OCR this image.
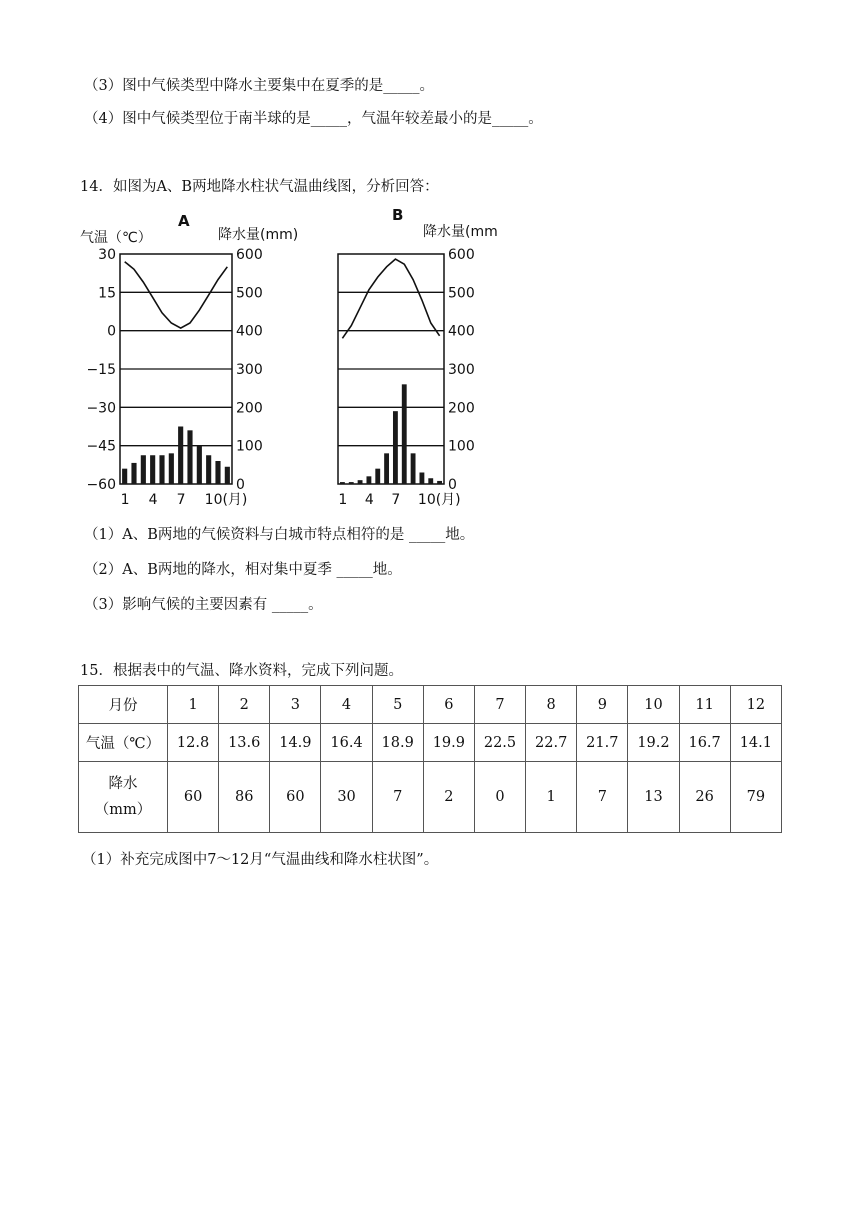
（3）图中气候类型中降水主要集中在夏季的是_____。
（4）图中气候类型位于南半球的是_____，气温年较差最小的是_____。
14．如图为A、B两地降水柱状气温曲线图，分析回答：
A
气温（℃）	降水量(mm)
30
15
0
−15
−30
−45
−60
600
500
400
300
200
100
0
1 4 7 10(月)
B
降水量(mm
600
500
400
300
200
100
0
1 4 7 10(月)
（1）A、B两地的气候资料与白城市特点相符的是 _____地。
（2）A、B两地的降水，相对集中夏季 _____地。
（3）影响气候的主要因素有 _____。
15．根据表中的气温、降水资料，完成下列问题。
月份	1	2	3	4	5	6	7	8	9	10	11	12
气温（℃）	12.8	13.6	14.9	16.4	18.9	19.9	22.5	22.7	21.7	19.2	16.7	14.1

降水
（mm）	60	86	60	30	7	2	0	1	7	13	26	79
（1）补充完成图中7～12月“气温曲线和降水柱状图”。
